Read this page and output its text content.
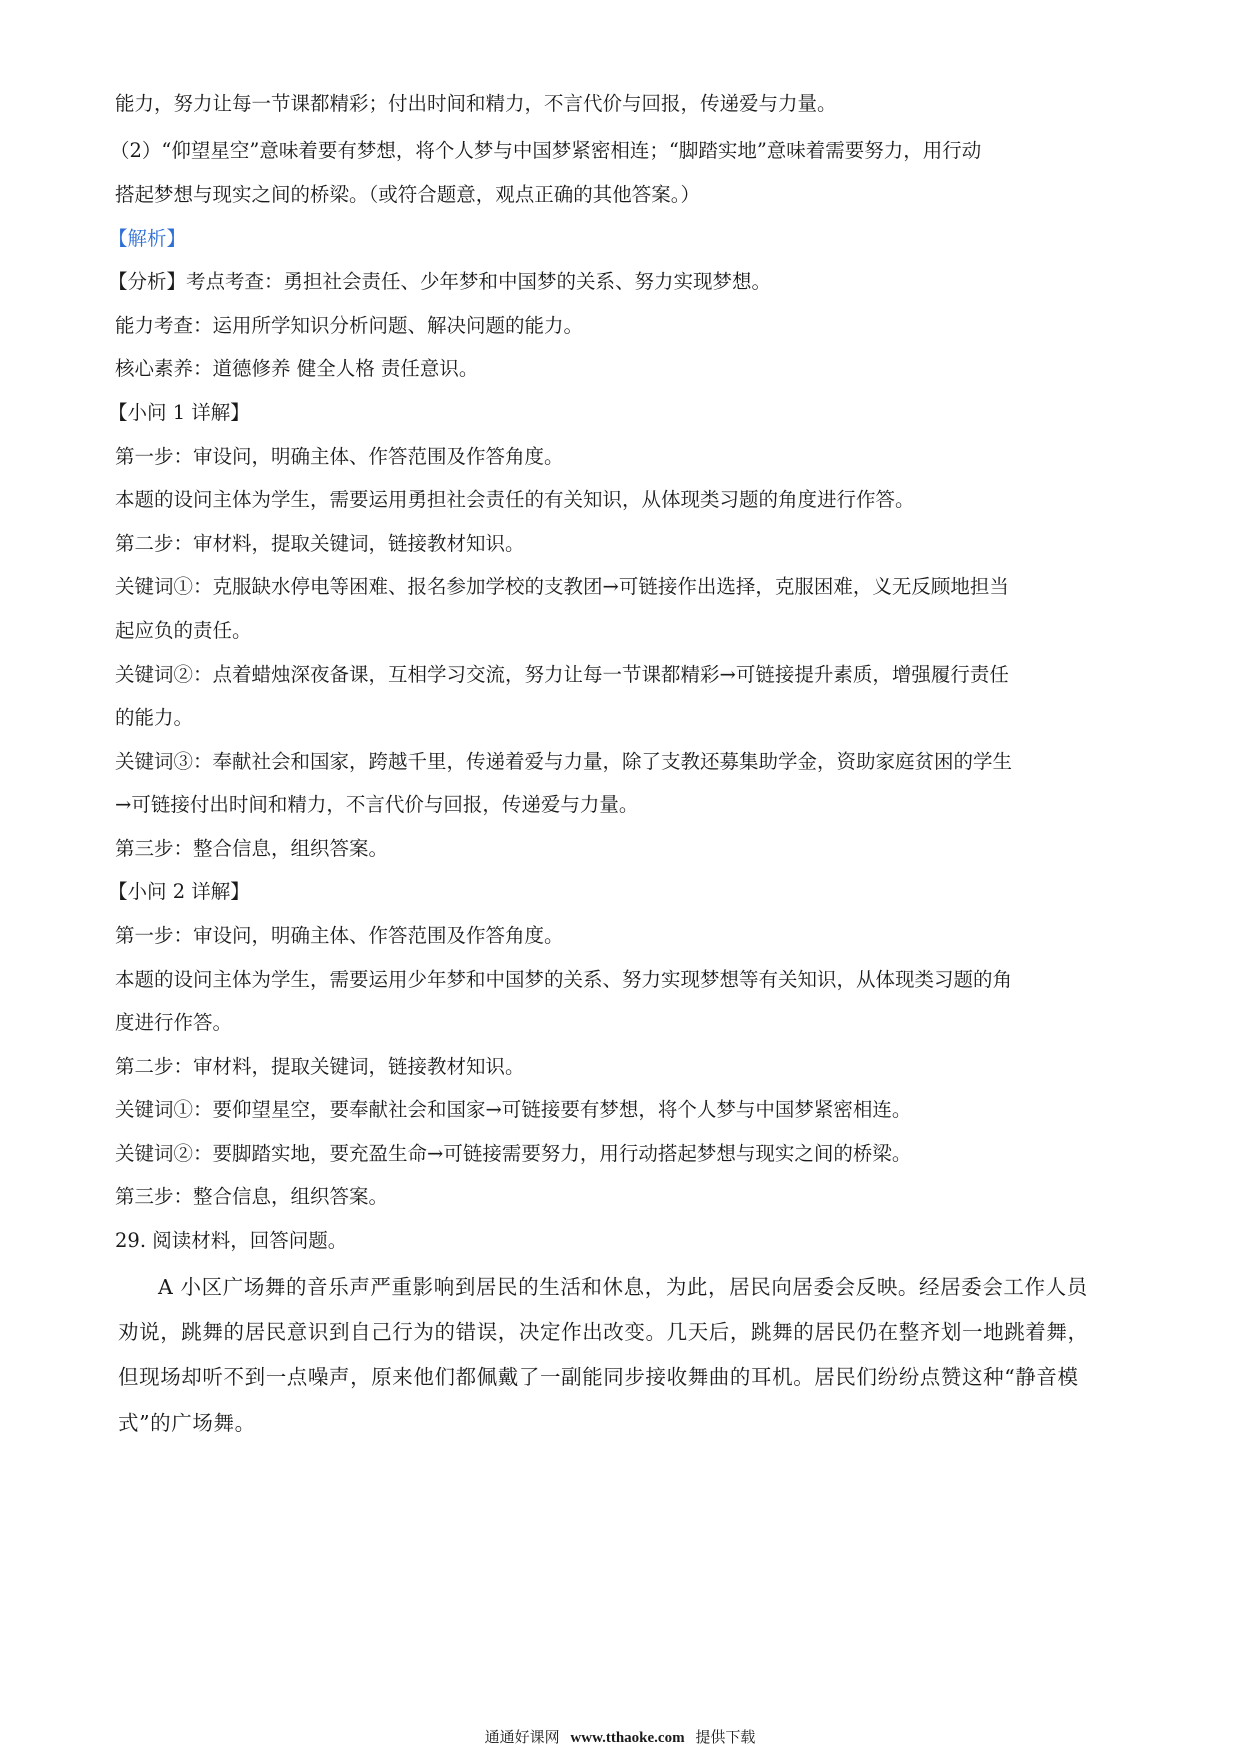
能力，努力让每一节课都精彩；付出时间和精力，不言代价与回报，传递爱与力量。
（2）“仰望星空”意味着要有梦想，将个人梦与中国梦紧密相连；“脚踏实地”意味着需要努力，用行动
搭起梦想与现实之间的桥梁。（或符合题意，观点正确的其他答案。）
【解析】
【分析】考点考查：勇担社会责任、少年梦和中国梦的关系、努力实现梦想。
能力考查：运用所学知识分析问题、解决问题的能力。
核心素养：道德修养 健全人格 责任意识。
【小问 1 详解】
第一步：审设问，明确主体、作答范围及作答角度。
本题的设问主体为学生，需要运用勇担社会责任的有关知识，从体现类习题的角度进行作答。
第二步：审材料，提取关键词，链接教材知识。
关键词①：克服缺水停电等困难、报名参加学校的支教团→可链接作出选择，克服困难，义无反顾地担当
起应负的责任。
关键词②：点着蜡烛深夜备课，互相学习交流，努力让每一节课都精彩→可链接提升素质，增强履行责任
的能力。
关键词③：奉献社会和国家，跨越千里，传递着爱与力量，除了支教还募集助学金，资助家庭贫困的学生
→可链接付出时间和精力，不言代价与回报，传递爱与力量。
第三步：整合信息，组织答案。
【小问 2 详解】
第一步：审设问，明确主体、作答范围及作答角度。
本题的设问主体为学生，需要运用少年梦和中国梦的关系、努力实现梦想等有关知识，从体现类习题的角
度进行作答。
第二步：审材料，提取关键词，链接教材知识。
关键词①：要仰望星空，要奉献社会和国家→可链接要有梦想，将个人梦与中国梦紧密相连。
关键词②：要脚踏实地，要充盈生命→可链接需要努力，用行动搭起梦想与现实之间的桥梁。
第三步：整合信息，组织答案。
29. 阅读材料，回答问题。
A 小区广场舞的音乐声严重影响到居民的生活和休息，为此，居民向居委会反映。经居委会工作人员
劝说，跳舞的居民意识到自己行为的错误，决定作出改变。几天后，跳舞的居民仍在整齐划一地跳着舞，
但现场却听不到一点噪声，原来他们都佩戴了一副能同步接收舞曲的耳机。居民们纷纷点赞这种“静音模
式”的广场舞。
通通好课网 www.tthaoke.com 提供下载
